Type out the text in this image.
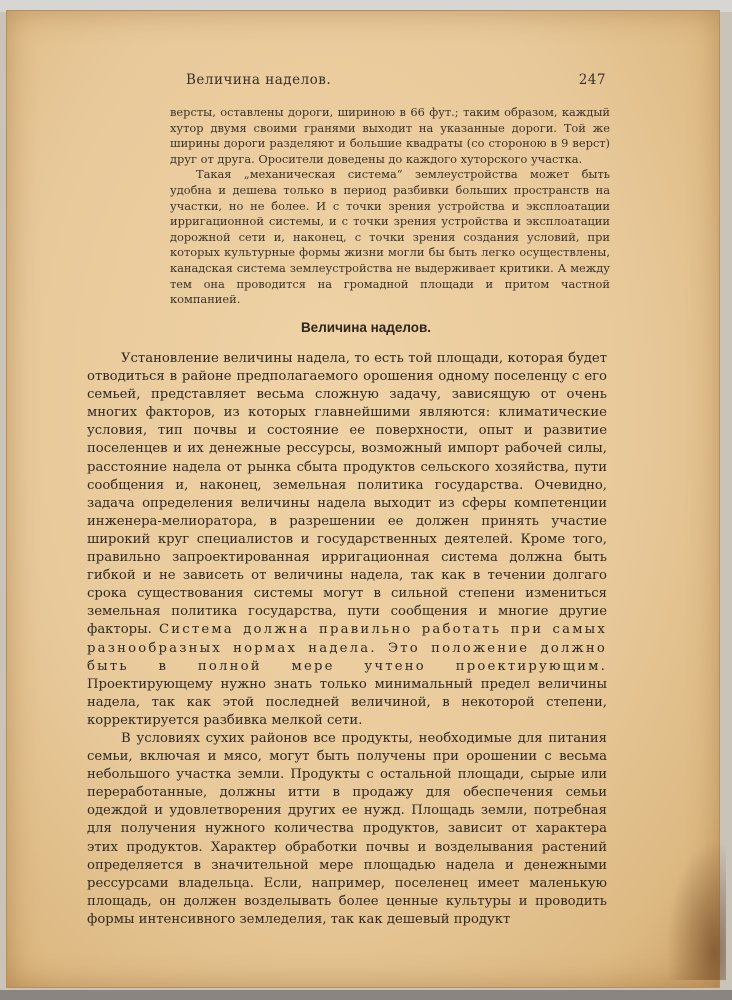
Величина наделов.	247

версты, оставлены дороги, шириною в 66 фут.; таким образом, каждый хутор двумя своими гранями выходит на указанные дороги. Той же ширины дороги разделяют и большие квадраты (со стороною в 9 верст) друг от друга. Оросители доведены до каждого хуторского участка.

Такая „механическая система“ землеустройства может быть удобна и дешева только в период разбивки больших пространств на участки, но не более. И с точки зрения устройства и эксплоатации ирригационной системы, и с точки зрения устройства и эксплоатации дорожной сети и, наконец, с точки зрения создания условий, при которых культурные формы жизни могли бы быть легко осуществлены, канадская система землеустройства не выдерживает критики. А между тем она проводится на громадной площади и притом частной компанией.

Величина наделов.

Установление величины надела, то есть той площади, которая будет отводиться в районе предполагаемого орошения одному поселенцу с его семьей, представляет весьма сложную задачу, зависящую от очень многих факторов, из которых главнейшими являются: климатические условия, тип почвы и состояние ее поверхности, опыт и развитие поселенцев и их денежные рессурсы, возможный импорт рабочей силы, расстояние надела от рынка сбыта продуктов сельского хозяйства, пути сообщения и, наконец, земельная политика государства. Очевидно, задача определения величины надела выходит из сферы компетенции инженера-мелиоратора, в разрешении ее должен принять участие широкий круг специалистов и государственных деятелей. Кроме того, правильно запроектированная ирригационная система должна быть гибкой и не зависеть от величины надела, так как в течении долгаго срока существования системы могут в сильной степени измениться земельная политика государства, пути сообщения и многие другие факторы. Система должна правильно работать при самых разнообразных нормах надела. Это положение должно быть в полной мере учтено проектирующим. Проектирующему нужно знать только минимальный предел величины надела, так как этой последней величиной, в некоторой степени, корректируется разбивка мелкой сети.

В условиях сухих районов все продукты, необходимые для питания семьи, включая и мясо, могут быть получены при орошении с весьма небольшого участка земли. Продукты с остальной площади, сырые или переработанные, должны итти в продажу для обеспечения семьи одеждой и удовлетворения других ее нужд. Площадь земли, потребная для получения нужного количества продуктов, зависит от характера этих продуктов. Характер обработки почвы и возделывания растений определяется в значительной мере площадью надела и денежными рессурсами владельца. Если, например, поселенец имеет маленькую площадь, он должен возделывать более ценные культуры и проводить формы интенсивного земледелия, так как дешевый продукт
